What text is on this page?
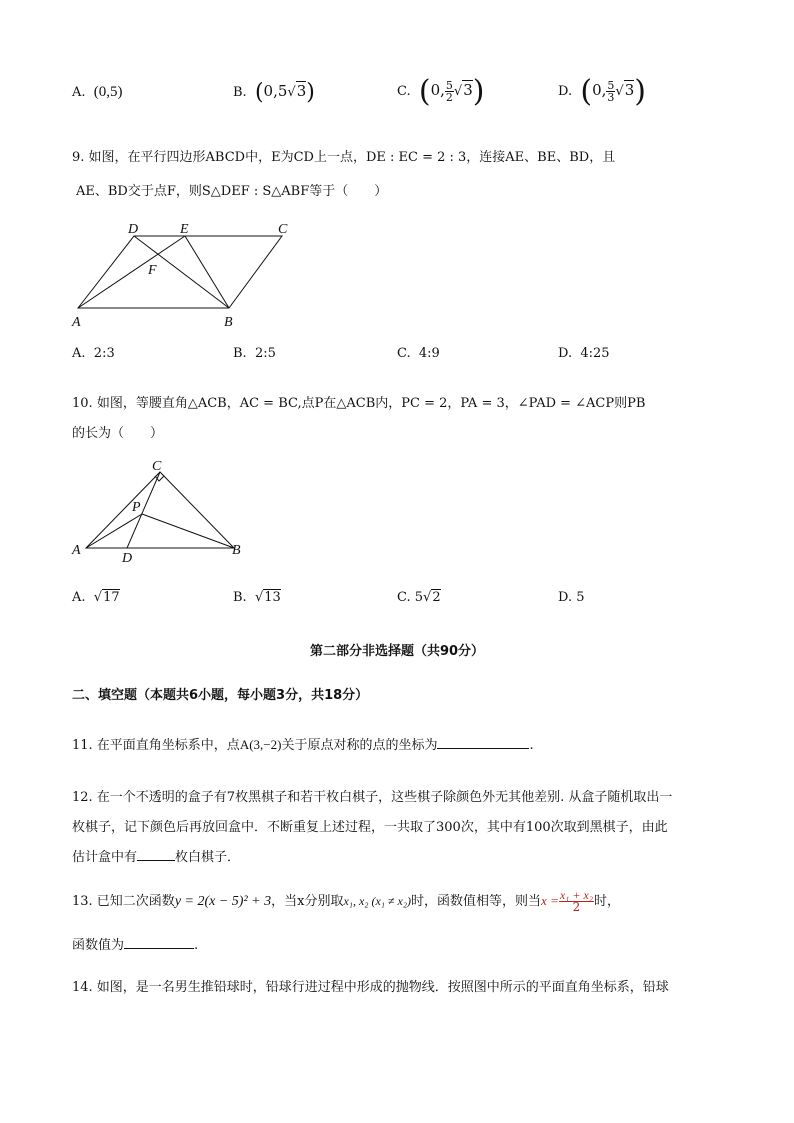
A. (0,5)	B. (0,5√3)	C. (0, $\frac{5}{2} √3$)	D. (0, $\frac{5}{3} √3$)
9. 如图，在平行四边形ABCD中，E为CD上一点，DE : EC = 2 : 3，连接AE、BE、BD，且
AE、BD交于点F，则S△DEF : S△ABF等于（　　）
D	E	C
F
A	B
A. 2:3	B. 2:5	C. 4:9	D. 4:25
10. 如图，等腰直角△ACB，AC = BC,点P在△ACB内，PC = 2，PA = 3，∠PAD = ∠ACP则PB
的长为（　　）
C
P
A
D
B
A.  √17	B.  √13	C. 5√2	D. 5
第二部分非选择题（共90分）
二、填空题（本题共6小题，每小题3分，共18分）
11. 在平面直角坐标系中，点A(3,−2)关于原点对称的点的坐标为	.
12. 在一个不透明的盒子有7枚黑棋子和若干枚白棋子，这些棋子除颜色外无其他差别. 从盒子随机取出一
枚棋子，记下颜色后再放回盒中．不断重复上述过程，一共取了300次，其中有100次取到黑棋子，由此
估计盒中有	枚白棋子．
13. 已知二次函数y = 2(x − 5)² + 3，当x分别取x₁, x₂ (x₁ ≠ x₂)时，函数值相等，则当$x = \frac{\text{x₁ + x₂}}{2}$ 时，
函数值为	.
14. 如图，是一名男生推铅球时，铅球行进过程中形成的抛物线．按照图中所示的平面直角坐标系，铅球
